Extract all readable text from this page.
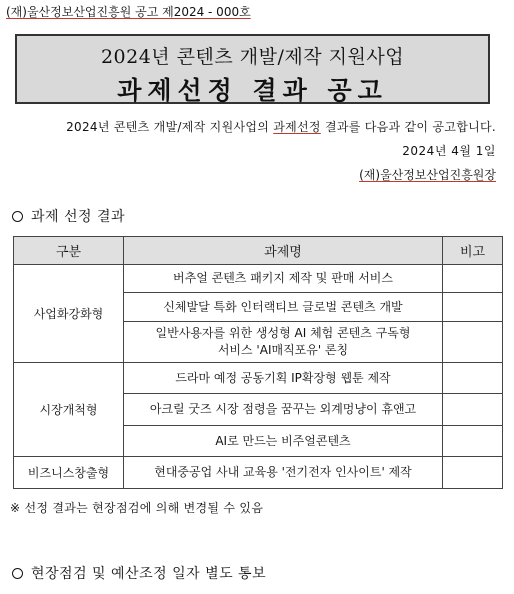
(재)울산정보산업진흥원 공고 제2024 - 000호
2024년 콘텐츠 개발/제작 지원사업
과제선정 결과 공고
2024년 콘텐츠 개발/제작 지원사업의 과제선정 결과를 다음과 같이 공고합니다.
2024년 4월 1일
(재)울산정보산업진흥원장
과제 선정 결과
구분	과제명	비고
사업화강화형	버추얼 콘텐츠 패키지 제작 및 판매 서비스	
	신체발달 특화 인터랙티브 글로벌 콘텐츠 개발	

	일반사용자를 위한 생성형 AI 체험 콘텐츠 구독형
서비스 'AI매직포유' 론칭	

시장개척형	드라마 예정 공동기획 IP확장형 웹툰 제작	
	아크릴 굿즈 시장 점령을 꿈꾸는 외계멍냥이 휴앤고	
	AI로 만드는 비주얼콘텐츠	
비즈니스창출형	현대중공업 사내 교육용 '전기전자 인사이트' 제작	
※ 선정 결과는 현장점검에 의해 변경될 수 있음
현장점검 및 예산조정 일자 별도 통보
